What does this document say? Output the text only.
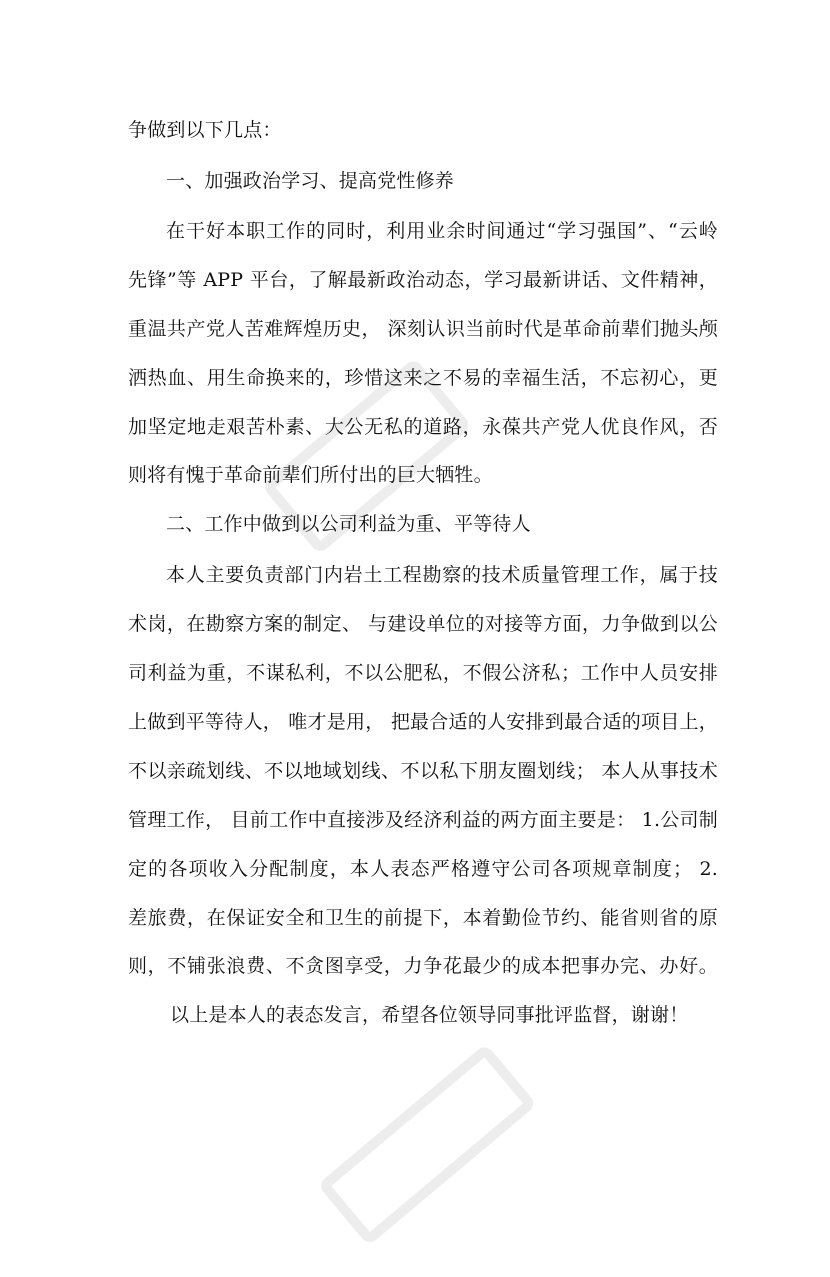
争做到以下几点：
一、加强政治学习、提高党性修养
在干好本职工作的同时，利用业余时间通过“学习强国”、“云岭
先锋”等 APP 平台，了解最新政治动态，学习最新讲话、文件精神，
重温共产党人苦难辉煌历史， 深刻认识当前时代是革命前辈们抛头颅
洒热血、用生命换来的，珍惜这来之不易的幸福生活，不忘初心，更
加坚定地走艰苦朴素、大公无私的道路，永葆共产党人优良作风，否
则将有愧于革命前辈们所付出的巨大牺牲。
二、工作中做到以公司利益为重、平等待人
本人主要负责部门内岩土工程勘察的技术质量管理工作，属于技
术岗，在勘察方案的制定、 与建设单位的对接等方面，力争做到以公
司利益为重，不谋私利，不以公肥私，不假公济私；工作中人员安排
上做到平等待人， 唯才是用， 把最合适的人安排到最合适的项目上，
不以亲疏划线、不以地域划线、不以私下朋友圈划线； 本人从事技术
管理工作， 目前工作中直接涉及经济利益的两方面主要是： 1.公司制
定的各项收入分配制度，本人表态严格遵守公司各项规章制度； 2.
差旅费，在保证安全和卫生的前提下，本着勤俭节约、能省则省的原
则，不铺张浪费、不贪图享受，力争花最少的成本把事办完、办好。
以上是本人的表态发言，希望各位领导同事批评监督，谢谢！
